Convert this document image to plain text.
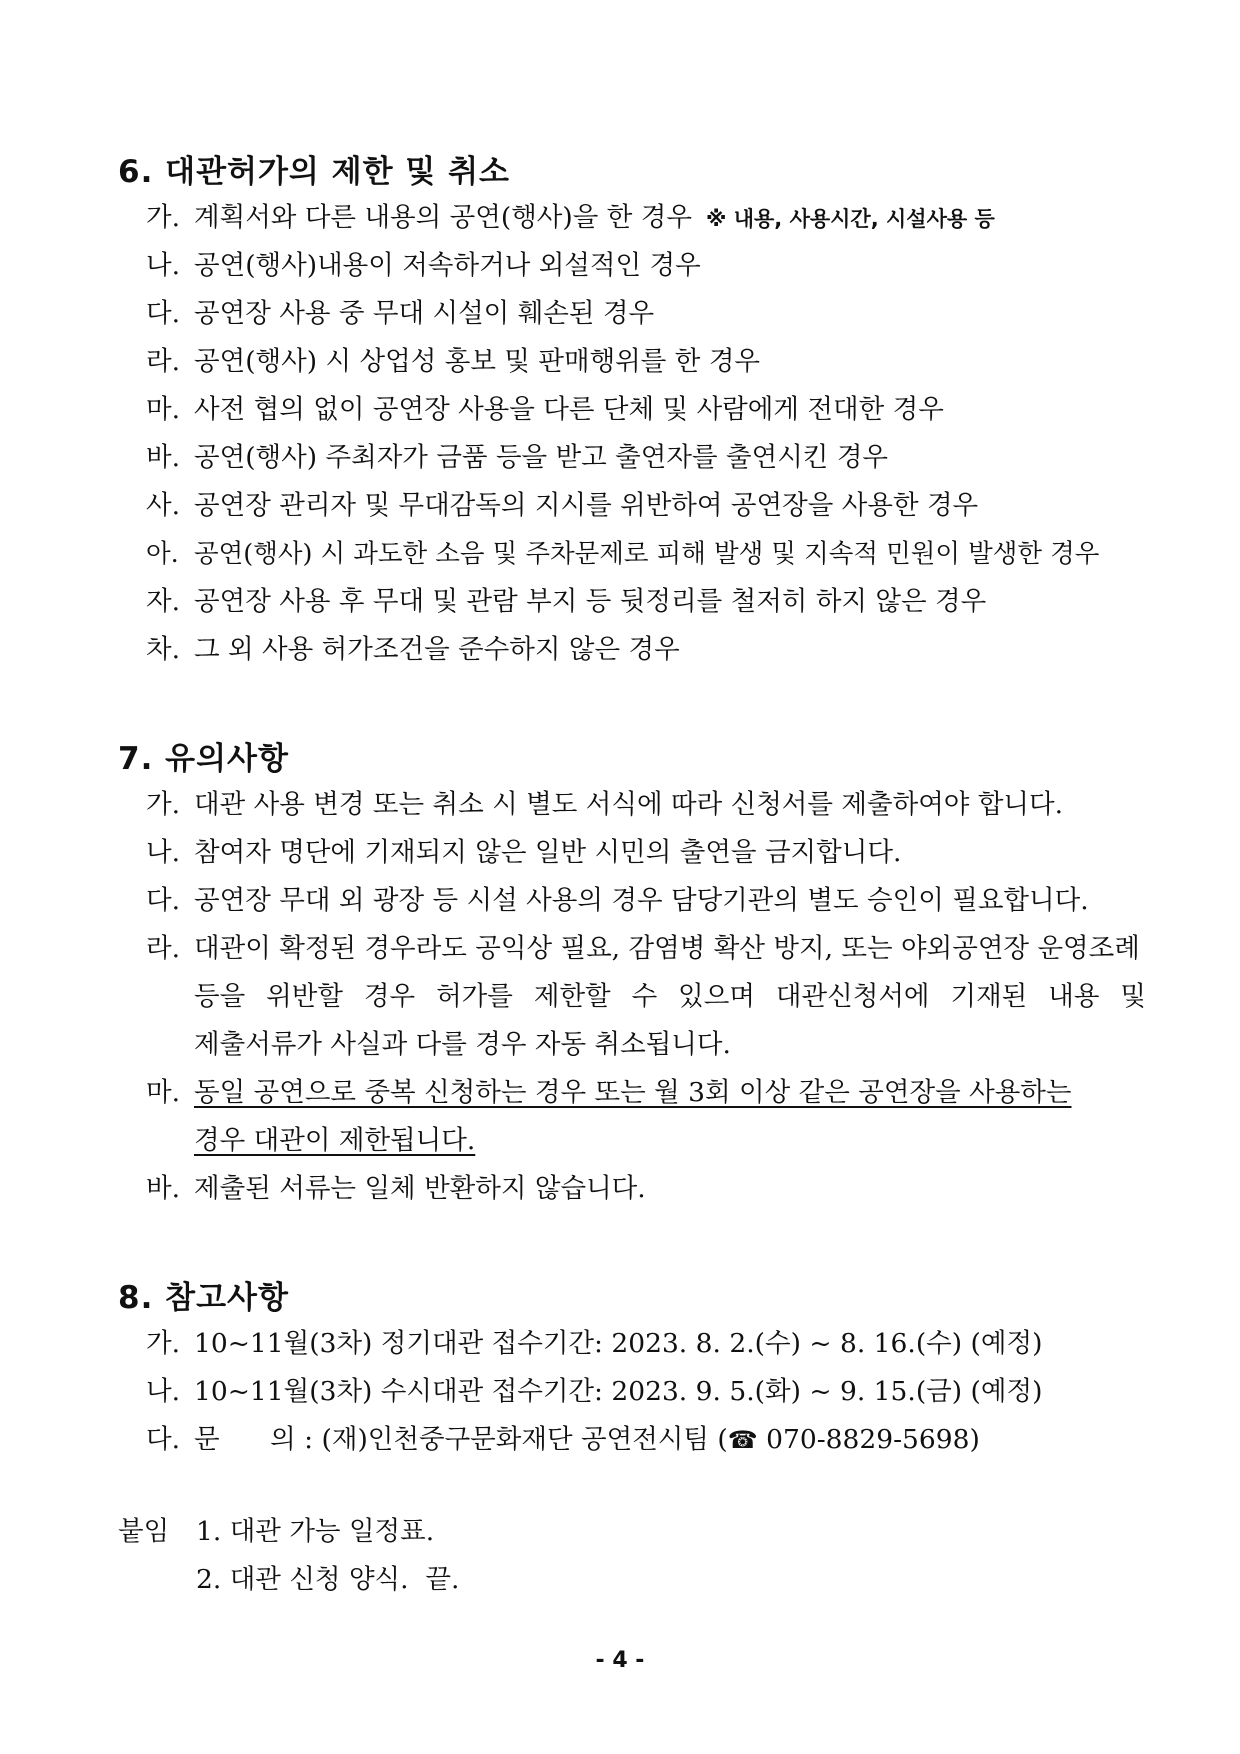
6. 대관허가의 제한 및 취소
가. 계획서와 다른 내용의 공연(행사)을 한 경우 ※ 내용, 사용시간, 시설사용 등
나. 공연(행사)내용이 저속하거나 외설적인 경우
다. 공연장 사용 중 무대 시설이 훼손된 경우
라. 공연(행사) 시 상업성 홍보 및 판매행위를 한 경우
마. 사전 협의 없이 공연장 사용을 다른 단체 및 사람에게 전대한 경우
바. 공연(행사) 주최자가 금품 등을 받고 출연자를 출연시킨 경우
사. 공연장 관리자 및 무대감독의 지시를 위반하여 공연장을 사용한 경우
아. 공연(행사) 시 과도한 소음 및 주차문제로 피해 발생 및 지속적 민원이 발생한 경우
자. 공연장 사용 후 무대 및 관람 부지 등 뒷정리를 철저히 하지 않은 경우
차. 그 외 사용 허가조건을 준수하지 않은 경우
7. 유의사항
가. 대관 사용 변경 또는 취소 시 별도 서식에 따라 신청서를 제출하여야 합니다.
나. 참여자 명단에 기재되지 않은 일반 시민의 출연을 금지합니다.
다. 공연장 무대 외 광장 등 시설 사용의 경우 담당기관의 별도 승인이 필요합니다.
라. 대관이 확정된 경우라도 공익상 필요, 감염병 확산 방지, 또는 야외공연장 운영조례
등을 위반할 경우 허가를 제한할 수 있으며 대관신청서에 기재된 내용 및
제출서류가 사실과 다를 경우 자동 취소됩니다.
마. 동일 공연으로 중복 신청하는 경우 또는 월 3회 이상 같은 공연장을 사용하는
경우 대관이 제한됩니다.
바. 제출된 서류는 일체 반환하지 않습니다.
8. 참고사항
가. 10~11월(3차) 정기대관 접수기간: 2023. 8. 2.(수) ~ 8. 16.(수) (예정)
나. 10~11월(3차) 수시대관 접수기간: 2023. 9. 5.(화) ~ 9. 15.(금) (예정)
다. 문      의 : (재)인천중구문화재단 공연전시팀 (☎ 070-8829-5698)
붙임 1. 대관 가능 일정표.
2. 대관 신청 양식.  끝.
- 4 -
